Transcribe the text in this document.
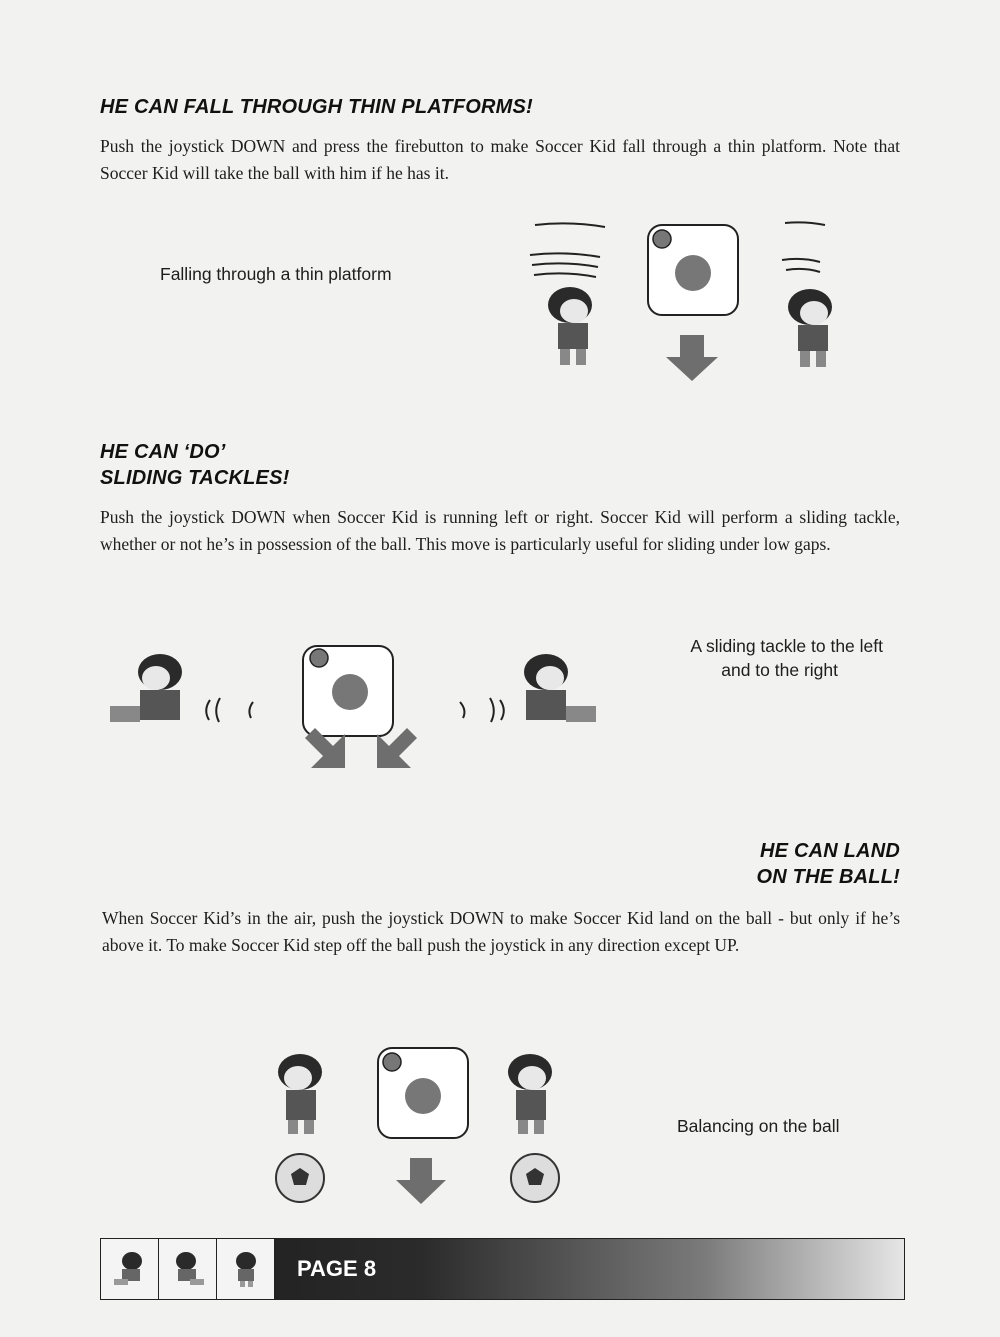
HE CAN FALL THROUGH THIN PLATFORMS!

Push the joystick DOWN and press the firebutton to make Soccer Kid fall through a thin platform. Note that Soccer Kid will take the ball with him if he has it.

Falling through a thin platform
HE CAN ‘DO’
SLIDING TACKLES!

Push the joystick DOWN when Soccer Kid is running left or right. Soccer Kid will perform a sliding tackle, whether or not he’s in possession of the ball. This move is particularly useful for sliding under low gaps.

A sliding tackle to the left
and to the right
HE CAN LAND
ON THE BALL!

When Soccer Kid’s in the air, push the joystick DOWN to make Soccer Kid land on the ball - but only if he’s above it. To make Soccer Kid step off the ball push the joystick in any direction except UP.

Balancing on the ball
PAGE 8
